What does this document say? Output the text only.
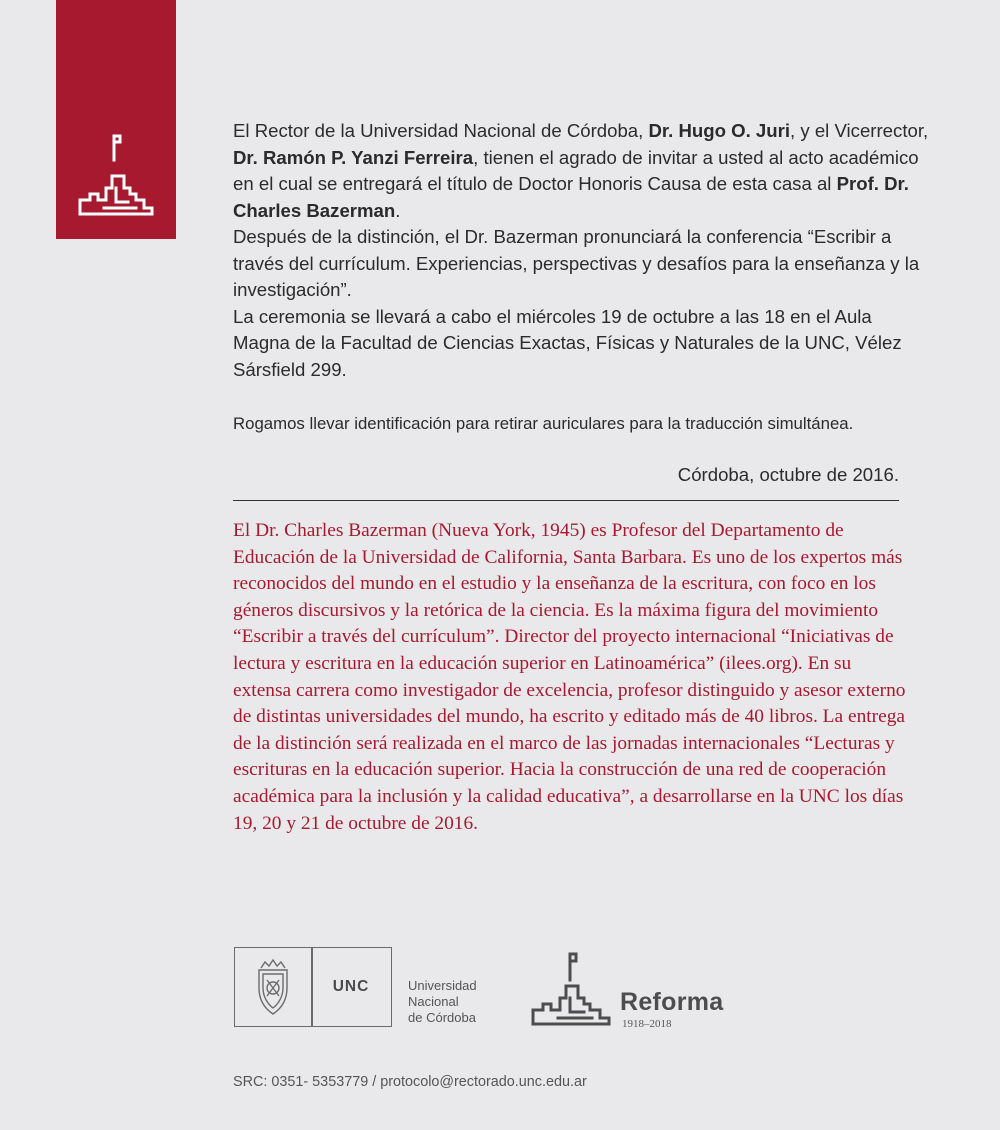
El Rector de la Universidad Nacional de Córdoba, Dr. Hugo O. Juri, y el Vicerrector, Dr. Ramón P. Yanzi Ferreira, tienen el agrado de invitar a usted al acto académico en el cual se entregará el título de Doctor Honoris Causa de esta casa al Prof. Dr. Charles Bazerman.

Después de la distinción, el Dr. Bazerman pronunciará la conferencia “Escribir a través del currículum. Experiencias, perspectivas y desafíos para la enseñanza y la investigación”.

La ceremonia se llevará a cabo el miércoles 19 de octubre a las 18 en el Aula Magna de la Facultad de Ciencias Exactas, Físicas y Naturales de la UNC, Vélez Sársfield 299.

Rogamos llevar identificación para retirar auriculares para la traducción simultánea.
Córdoba, octubre de 2016.
El Dr. Charles Bazerman (Nueva York, 1945) es Profesor del Departamento de Educación de la Universidad de California, Santa Barbara. Es uno de los expertos más reconocidos del mundo en el estudio y la enseñanza de la escritura, con foco en los géneros discursivos y la retórica de la ciencia. Es la máxima figura del movimiento “Escribir a través del currículum”. Director del proyecto internacional “Iniciativas de lectura y escritura en la educación superior en Latinoamérica” (ilees.org). En su extensa carrera como investigador de excelencia, profesor distinguido y asesor externo de distintas universidades del mundo, ha escrito y editado más de 40 libros. La entrega de la distinción será realizada en el marco de las jornadas internacionales “Lecturas y escrituras en la educación superior. Hacia la construcción de una red de cooperación académica para la inclusión y la calidad educativa”, a desarrollarse en la UNC los días 19, 20 y 21 de octubre de 2016.
UNC	Universidad
Nacional
de Córdoba
Reforma
1918–2018
SRC: 0351- 5353779 / protocolo@rectorado.unc.edu.ar
